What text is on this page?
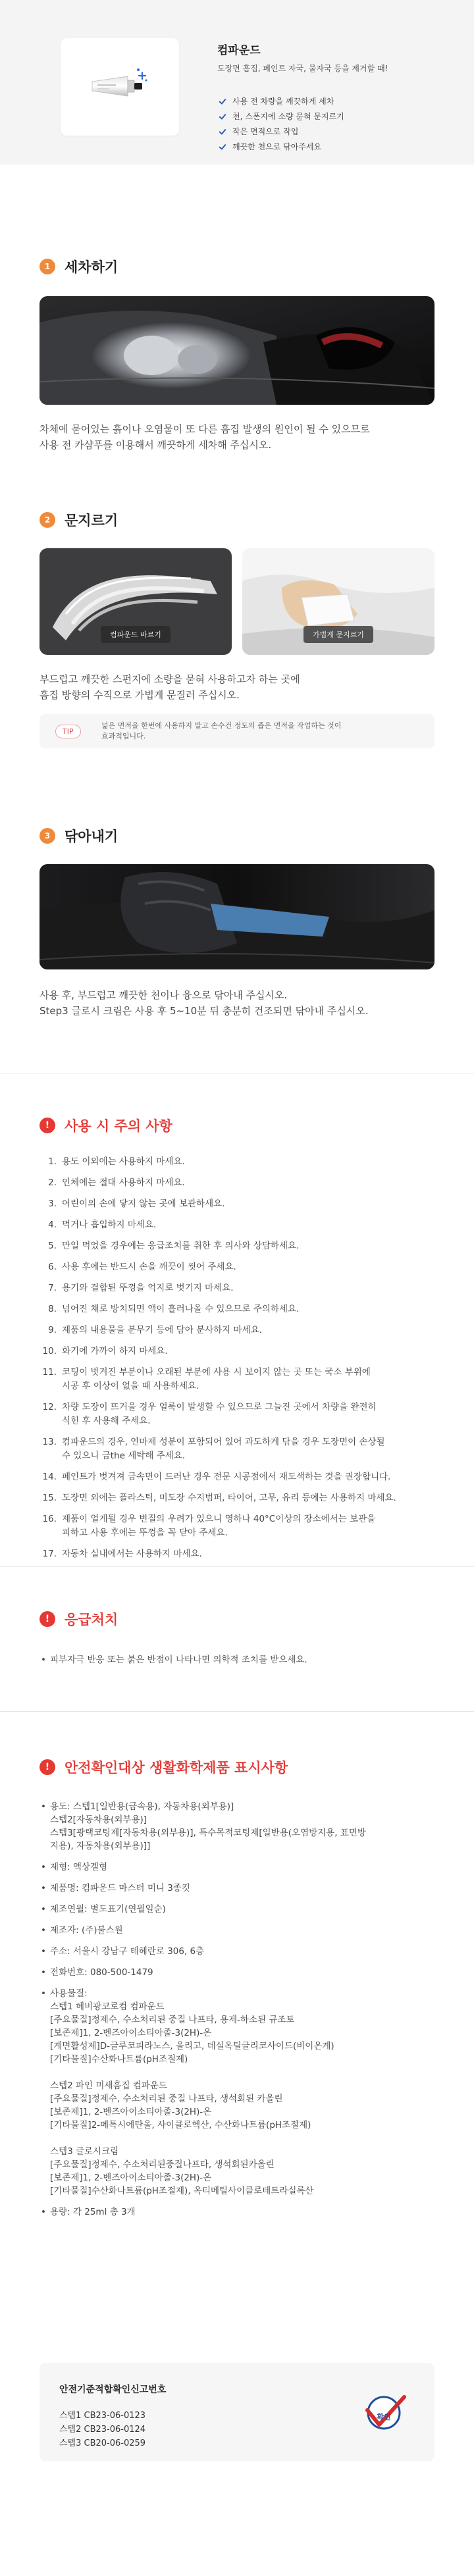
컴파운드
도장면 흠집, 페인트 자국, 물자국 등을 제거할 때!
사용 전 차량을 깨끗하게 세차
천, 스폰지에 소량 묻혀 문지르기
작은 면적으로 작업
깨끗한 천으로 닦아주세요
1	세차하기
차체에 묻어있는 흙이나 오염물이 또 다른 흠집 발생의 원인이 될 수 있으므로
사용 전 카샴푸를 이용해서 깨끗하게 세차해 주십시오.
2	문지르기
컴파운드 바르기	가볍게 문지르기
부드럽고 깨끗한 스펀지에 소량을 묻혀 사용하고자 하는 곳에
흠집 방향의 수직으로 가볍게 문질러 주십시오.
TIP
넓은 면적을 한번에 사용하지 말고 손수건 정도의 좁은 면적을 작업하는 것이
효과적입니다.
3	닦아내기
사용 후, 부드럽고 깨끗한 천이나 융으로 닦아내 주십시오.
Step3 글로시 크림은 사용 후 5~10분 뒤 충분히 건조되면 닦아내 주십시오.
!	사용 시 주의 사항
1. 용도 이외에는 사용하지 마세요.
2. 인체에는 절대 사용하지 마세요.
3. 어린이의 손에 닿지 않는 곳에 보관하세요.
4. 먹거나 흡입하지 마세요.
5. 만일 먹었을 경우에는 응급조치를 취한 후 의사와 상담하세요.
6. 사용 후에는 반드시 손을 깨끗이 씻어 주세요.
7. 용기와 결합된 뚜껑을 억지로 벗기지 마세요.
8. 넘어진 채로 방치되면 액이 흘러나올 수 있으므로 주의하세요.
9. 제품의 내용물을 분무기 등에 담아 분사하지 마세요.
10. 화기에 가까이 하지 마세요.
11. 코팅이 벗겨진 부분이나 오래된 부분에 사용 시 보이지 않는 곳 또는 국소 부위에
시공 후 이상이 없을 때 사용하세요.
12. 차량 도장이 뜨거울 경우 얼룩이 발생할 수 있으므로 그늘진 곳에서 차량을 완전히
식힌 후 사용해 주세요.
13. 컴파운드의 경우, 연마제 성분이 포함되어 있어 과도하게 닦을 경우 도장면이 손상될
수 있으니 금the 세탁해 주세요.
14. 페인트가 벗겨져 금속면이 드러난 경우 전문 시공점에서 재도색하는 것을 권장합니다.
15. 도장면 외에는 플라스틱, 미도장 수지범퍼, 타이어, 고무, 유리 등에는 사용하지 마세요.
16. 제품이 얼게될 경우 변질의 우려가 있으니 영하나 40°C이상의 장소에서는 보관을
피하고 사용 후에는 뚜껑을 꼭 닫아 주세요.
17. 자동차 실내에서는 사용하지 마세요.
!	응급처치
• 피부자극 반응 또는 붉은 반점이 나타나면 의학적 조치를 받으세요.
!	안전확인대상 생활화학제품 표시사항
• 용도: 스텝1[일반용(금속용), 자동차용(외부용)]
스텝2[자동차용(외부용)]
스텝3[광택코팅제[자동차용(외부용)], 특수목적코팅제[일반용(오염방지용, 표면방
지용), 자동차용(외부용)]]
• 제형: 액상겔형
• 제품명: 컴파운드 마스터 미니 3종킷
• 제조연월: 별도표기(연월일순)
• 제조자: (주)불스원
• 주소: 서울시 강남구 테헤란로 306, 6층
• 전화번호: 080-500-1479
• 사용물질:
스텝1 헤비광코로컴 컴파운드
[주요물질]정제수, 수소처리된 중질 나프타, 용제-하소된 규조토
[보존제]1, 2-벤즈아이소티아졸-3(2H)-온
[계면활성제]D-글루코피라노스, 올리고, 데실옥틸글리코사이드(비이온계)
[기타물질]수산화나트륨(pH조절제)
스텝2 파인 미세흠집 컴파운드
[주요물질]정제수, 수소처리된 중질 나프타, 생석회된 카올린
[보존제]1, 2-벤즈아이소티아졸-3(2H)-온
[기타물질]2-메톡시에탄올, 사이클로헥산, 수산화나트륨(pH조절제)
스텝3 글로시크림
[주요물질]정제수, 수소처리된중질나프타, 생석회된카올린
[보존제]1, 2-벤즈아이소티아졸-3(2H)-온
[기타물질]수산화나트륨(pH조절제), 옥티메틸사이클로테트라실록산
• 용량: 각 25ml 총 3개
안전기준적합확인신고번호
스텝1 CB23-06-0123
스텝2 CB23-06-0124
스텝3 CB20-06-0259
확인
